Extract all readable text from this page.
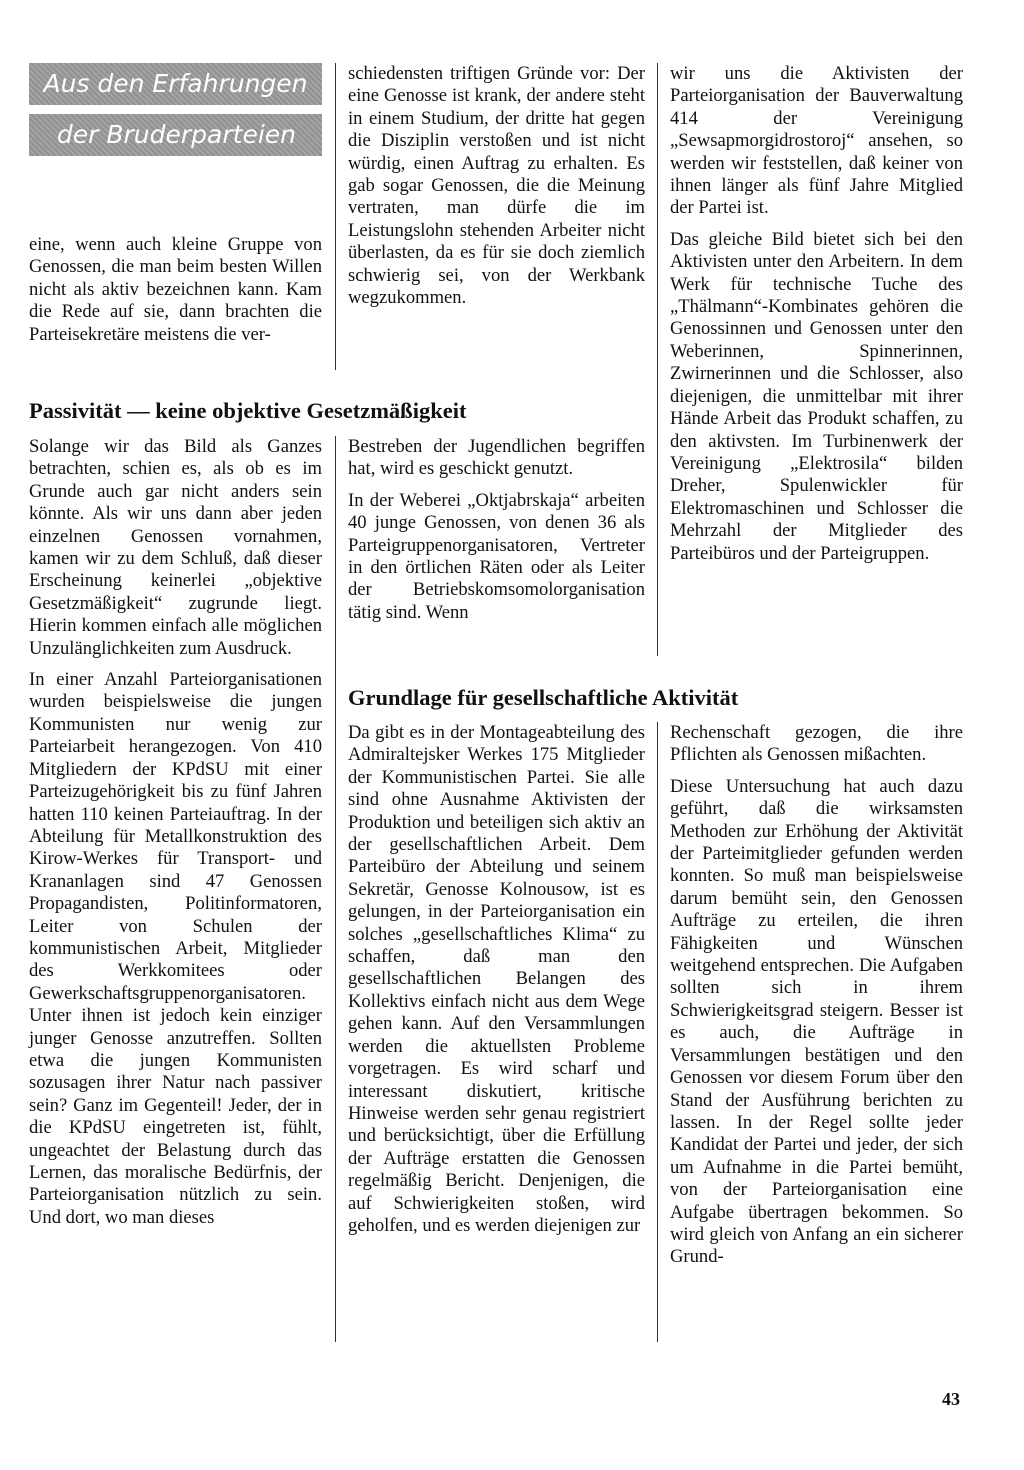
Aus den Erfahrungen
der Bruderparteien

eine, wenn auch kleine Gruppe von Genossen, die man beim besten Willen nicht als aktiv bezeichnen kann. Kam die Rede auf sie, dann brachten die Parteisekretäre meistens die ver-

schiedensten triftigen Gründe vor: Der eine Genosse ist krank, der andere steht in einem Studium, der dritte hat gegen die Disziplin verstoßen und ist nicht würdig, einen Auftrag zu erhalten. Es gab sogar Genossen, die die Meinung vertraten, man dürfe die im Leistungslohn stehenden Arbeiter nicht überlasten, da es für sie doch ziemlich schwierig sei, von der Werkbank wegzukommen.

wir uns die Aktivisten der Parteiorganisation der Bauverwaltung 414 der Vereinigung „Sewsapmorgidrostoroj“ ansehen, so werden wir feststellen, daß keiner von ihnen länger als fünf Jahre Mitglied der Partei ist.

Das gleiche Bild bietet sich bei den Aktivisten unter den Arbeitern. In dem Werk für technische Tuche des „Thälmann“-Kombinates gehören die Genossinnen und Genossen unter den Weberinnen, Spinnerinnen, Zwirnerinnen und die Schlosser, also diejenigen, die unmittelbar mit ihrer Hände Arbeit das Produkt schaffen, zu den aktivsten. Im Turbinenwerk der Vereinigung „Elektrosila“ bilden Dreher, Spulenwickler für Elektromaschinen und Schlosser die Mehrzahl der Mitglieder des Parteibüros und der Parteigruppen.

Passivität — keine objektive Gesetzmäßigkeit

Solange wir das Bild als Ganzes betrachten, schien es, als ob es im Grunde auch gar nicht anders sein könnte. Als wir uns dann aber jeden einzelnen Genossen vornahmen, kamen wir zu dem Schluß, daß dieser Erscheinung keinerlei „objektive Gesetzmäßigkeit“ zugrunde liegt. Hierin kommen einfach alle möglichen Unzulänglichkeiten zum Ausdruck.

In einer Anzahl Parteiorganisationen wurden beispielsweise die jungen Kommunisten nur wenig zur Parteiarbeit herangezogen. Von 410 Mitgliedern der KPdSU mit einer Parteizugehörigkeit bis zu fünf Jahren hatten 110 keinen Parteiauftrag. In der Abteilung für Metallkonstruktion des Kirow-Werkes für Transport- und Krananlagen sind 47 Genossen Propagandisten, Politinformatoren, Leiter von Schulen der kommunistischen Arbeit, Mitglieder des Werkkomitees oder Gewerkschaftsgruppenorganisatoren. Unter ihnen ist jedoch kein einziger junger Genosse anzutreffen. Sollten etwa die jungen Kommunisten sozusagen ihrer Natur nach passiver sein? Ganz im Gegenteil! Jeder, der in die KPdSU eingetreten ist, fühlt, ungeachtet der Belastung durch das Lernen, das moralische Bedürfnis, der Parteiorganisation nützlich zu sein. Und dort, wo man dieses

Bestreben der Jugendlichen begriffen hat, wird es geschickt genutzt.

In der Weberei „Oktjabrskaja“ arbeiten 40 junge Genossen, von denen 36 als Parteigruppenorganisatoren, Vertreter in den örtlichen Räten oder als Leiter der Betriebskomsomolorganisation tätig sind. Wenn

Grundlage für gesellschaftliche Aktivität

Da gibt es in der Montageabteilung des Admiraltejsker Werkes 175 Mitglieder der Kommunistischen Partei. Sie alle sind ohne Ausnahme Aktivisten der Produktion und beteiligen sich aktiv an der gesellschaftlichen Arbeit. Dem Parteibüro der Abteilung und seinem Sekretär, Genosse Kolnousow, ist es gelungen, in der Parteiorganisation ein solches „gesellschaftliches Klima“ zu schaffen, daß man den gesellschaftlichen Belangen des Kollektivs einfach nicht aus dem Wege gehen kann. Auf den Versammlungen werden die aktuellsten Probleme vorgetragen. Es wird scharf und interessant diskutiert, kritische Hinweise werden sehr genau registriert und berücksichtigt, über die Erfüllung der Aufträge erstatten die Genossen regelmäßig Bericht. Denjenigen, die auf Schwierigkeiten stoßen, wird geholfen, und es werden diejenigen zur

Rechenschaft gezogen, die ihre Pflichten als Genossen mißachten.

Diese Untersuchung hat auch dazu geführt, daß die wirksamsten Methoden zur Erhöhung der Aktivität der Parteimitglieder gefunden werden konnten. So muß man beispielsweise darum bemüht sein, den Genossen Aufträge zu erteilen, die ihren Fähigkeiten und Wünschen weitgehend entsprechen. Die Aufgaben sollten sich in ihrem Schwierigkeitsgrad steigern. Besser ist es auch, die Aufträge in Versammlungen bestätigen und den Genossen vor diesem Forum über den Stand der Ausführung berichten zu lassen. In der Regel sollte jeder Kandidat der Partei und jeder, der sich um Aufnahme in die Partei bemüht, von der Parteiorganisation eine Aufgabe übertragen bekommen. So wird gleich von Anfang an ein sicherer Grund-

43
